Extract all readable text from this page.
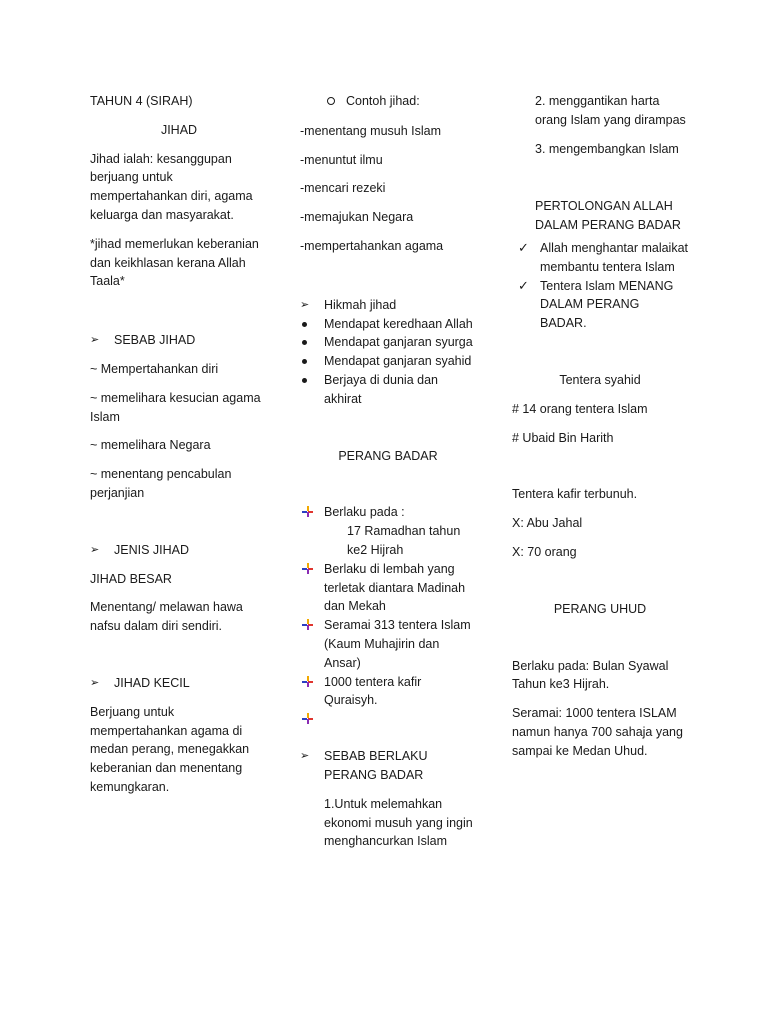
TAHUN 4 (SIRAH)

JIHAD

Jihad ialah: kesanggupan berjuang untuk mempertahankan diri, agama keluarga dan masyarakat.

*jihad memerlukan keberanian dan keikhlasan kerana Allah Taala*

➢	SEBAB JIHAD

~ Mempertahankan diri

~ memelihara kesucian agama Islam

~ memelihara Negara

~ menentang pencabulan perjanjian

➢	JENIS JIHAD

JIHAD BESAR

Menentang/ melawan hawa nafsu dalam diri sendiri.

➢	JIHAD KECIL

Berjuang untuk mempertahankan agama di medan perang, menegakkan keberanian dan menentang kemungkaran.

Contoh jihad:

-menentang musuh Islam

-menuntut ilmu

-mencari rezeki

-memajukan Negara

-mempertahankan agama

➢	Hikmah jihad
Mendapat keredhaan Allah
Mendapat ganjaran syurga
Mendapat ganjaran syahid
Berjaya di dunia dan akhirat

PERANG BADAR

Berlaku pada :
17 Ramadhan tahun ke2 Hijrah
Berlaku di lembah yang terletak diantara Madinah dan Mekah
Seramai 313 tentera Islam (Kaum Muhajirin dan Ansar)
1000 tentera kafir Quraisyh.
➢	SEBAB BERLAKU PERANG BADAR

1.Untuk melemahkan ekonomi musuh yang ingin menghancurkan Islam

2. menggantikan harta orang Islam yang dirampas

3. mengembangkan Islam

PERTOLONGAN ALLAH DALAM PERANG BADAR

✓ Allah menghantar malaikat membantu tentera Islam
✓ Tentera Islam MENANG DALAM PERANG BADAR.

Tentera syahid

# 14 orang tentera Islam

# Ubaid Bin Harith

Tentera kafir terbunuh.

X: Abu Jahal

X: 70 orang

PERANG UHUD

Berlaku pada: Bulan Syawal Tahun ke3 Hijrah.

Seramai: 1000 tentera ISLAM namun hanya 700 sahaja yang sampai ke Medan Uhud.
